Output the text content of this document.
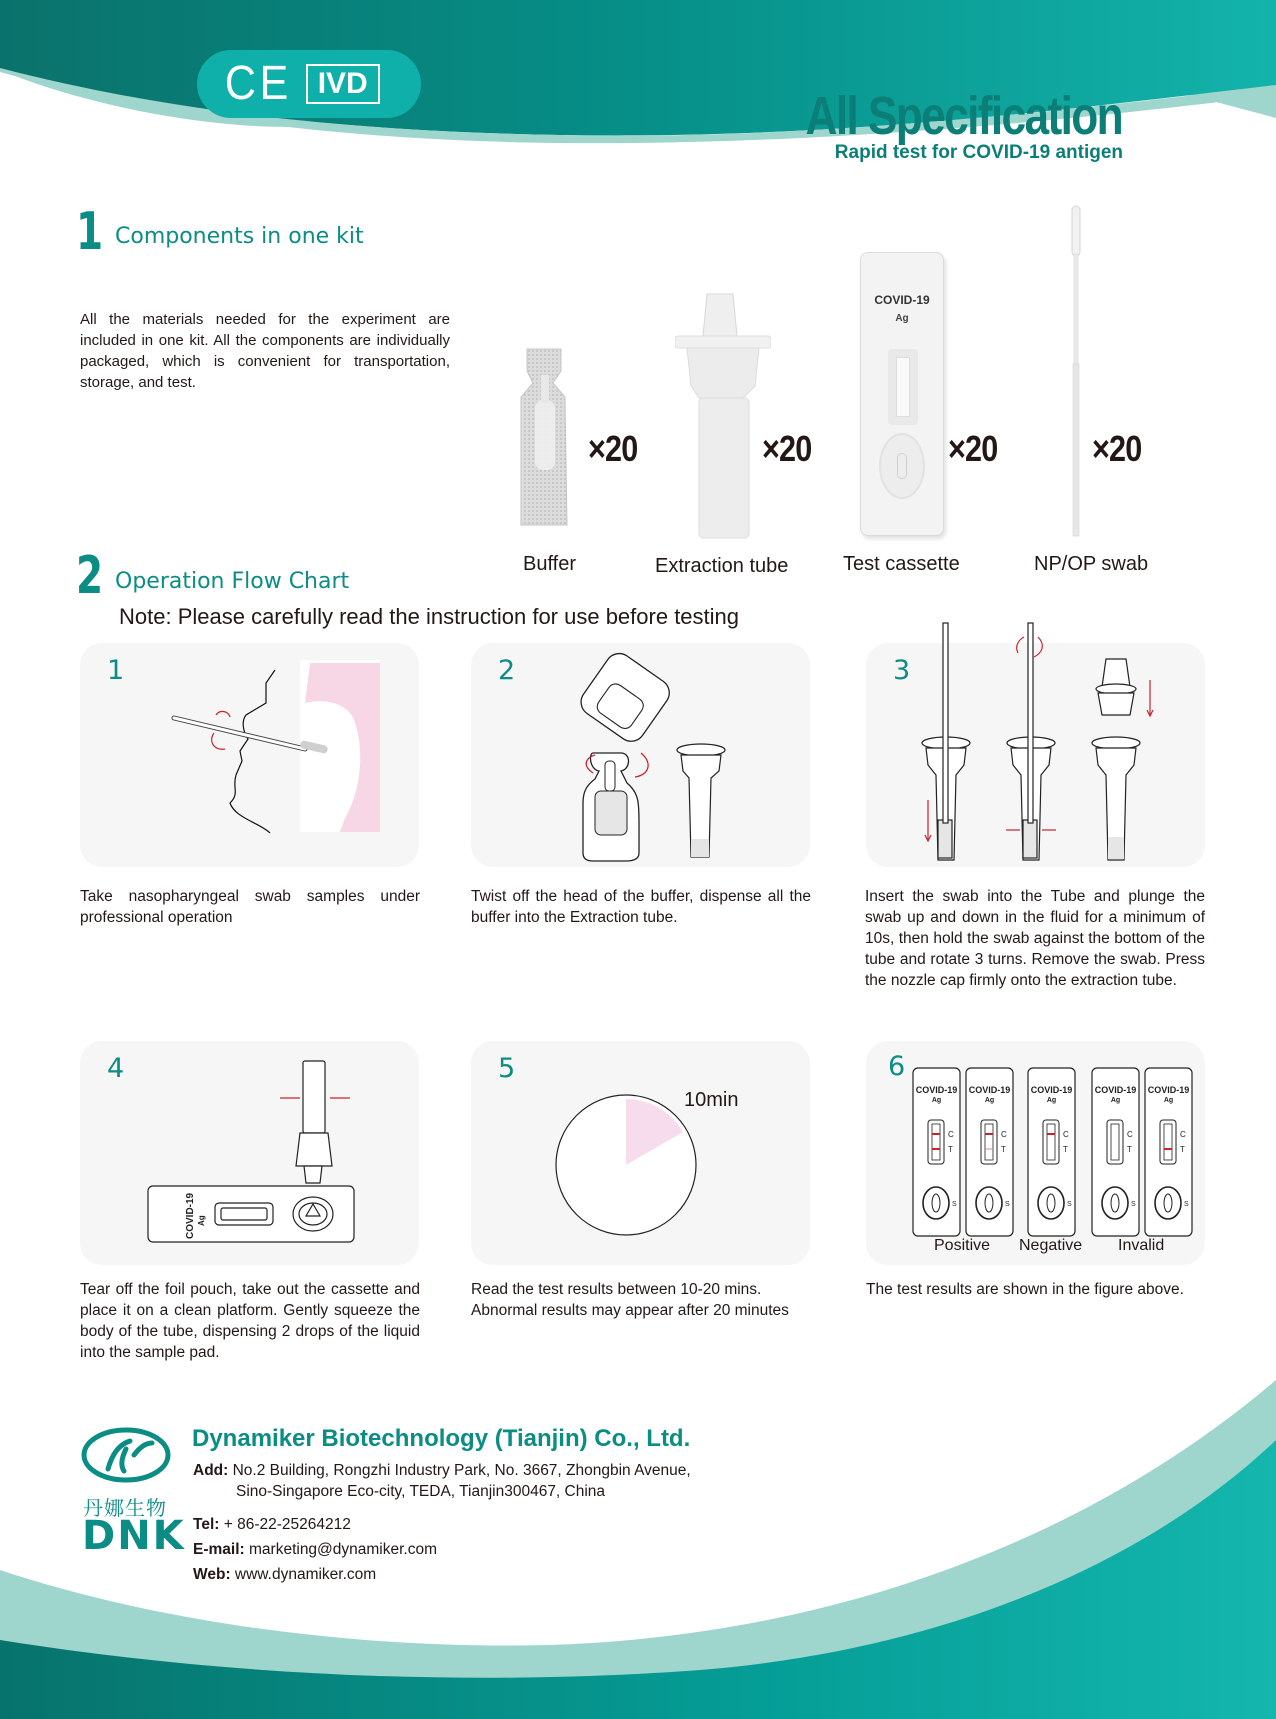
CE IVD
All Specification
Rapid test for COVID-19 antigen
1 Components in one kit
All the materials needed for the experiment are included in one kit. All the components are individually packaged, which is convenient for transportation, storage, and test.
×20	×20
COVID-19
Ag
×20	×20
Buffer	Extraction tube	Test cassette	NP/OP swab
2 Operation Flow Chart
Note: Please carefully read the instruction for use before testing
1	2	3
Take nasopharyngeal swab samples under professional operation
Twist off the head of the buffer, dispense all the buffer into the Extraction tube.
Insert the swab into the Tube and plunge the swab up and down in the fluid for a minimum of 10s, then hold the swab against the bottom of the tube and rotate 3 turns. Remove the swab. Press the nozzle cap firmly onto the extraction tube.
COVID-19 Ag
4	5
10min
6
COVID-19
Ag
C
T
S
COVID-19
Ag
C
T
S
COVID-19
Ag
C
T
S
COVID-19
Ag
C
T
S
COVID-19
Ag
C
T
S
Positive Negative Invalid
Tear off the foil pouch, take out the cassette and place it on a clean platform. Gently squeeze the body of the tube, dispensing 2 drops of the liquid into the sample pad.
Read the test results between 10-20 mins. Abnormal results may appear after 20 minutes
The test results are shown in the figure above.
丹娜生物
DNK
Dynamiker Biotechnology (Tianjin) Co., Ltd.
Add: No.2 Building, Rongzhi Industry Park, No. 3667, Zhongbin Avenue,
Sino-Singapore Eco-city, TEDA, Tianjin300467, China
Tel: + 86-22-25264212
E-mail: marketing@dynamiker.com
Web: www.dynamiker.com
